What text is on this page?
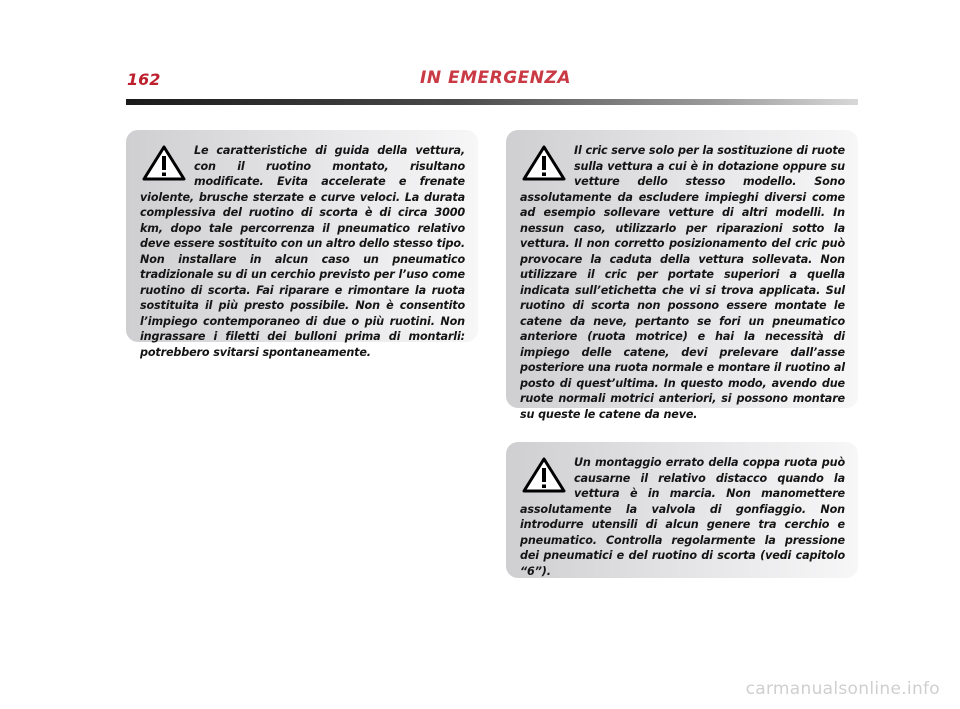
162	IN EMERGENZA

Le caratteristiche di guida della vettura, con il ruotino montato, risultano modificate. Evita accelerate e frenate violente, brusche sterzate e curve veloci. La durata complessiva del ruotino di scorta è di circa 3000 km, dopo tale percorrenza il pneumatico relativo deve essere sostituito con un altro dello stesso tipo. Non installare in alcun caso un pneumatico tradizionale su di un cerchio previsto per l’uso come ruotino di scorta. Fai riparare e rimontare la ruota sostituita il più presto possibile. Non è consentito l’impiego contemporaneo di due o più ruotini. Non ingrassare i filetti dei bulloni prima di montarli: potrebbero svitarsi spontaneamente.

Il cric serve solo per la sostituzione di ruote sulla vettura a cui è in dotazione oppure su vetture dello stesso modello. Sono assolutamente da escludere impieghi diversi come ad esempio sollevare vetture di altri modelli. In nessun caso, utilizzarlo per riparazioni sotto la vettura. Il non corretto posizionamento del cric può provocare la caduta della vettura sollevata. Non utilizzare il cric per portate superiori a quella indicata sull’etichetta che vi si trova applicata. Sul ruotino di scorta non possono essere montate le catene da neve, pertanto se fori un pneumatico anteriore (ruota motrice) e hai la necessità di impiego delle catene, devi prelevare dall’asse posteriore una ruota normale e montare il ruotino al posto di quest’ultima. In questo modo, avendo due ruote normali motrici anteriori, si possono montare su queste le catene da neve.

Un montaggio errato della coppa ruota può causarne il relativo distacco quando la vettura è in marcia. Non manomettere assolutamente la valvola di gonfiaggio. Non introdurre utensili di alcun genere tra cerchio e pneumatico. Controlla regolarmente la pressione dei pneumatici e del ruotino di scorta (vedi capitolo “6”).

carmanualsonline.info
